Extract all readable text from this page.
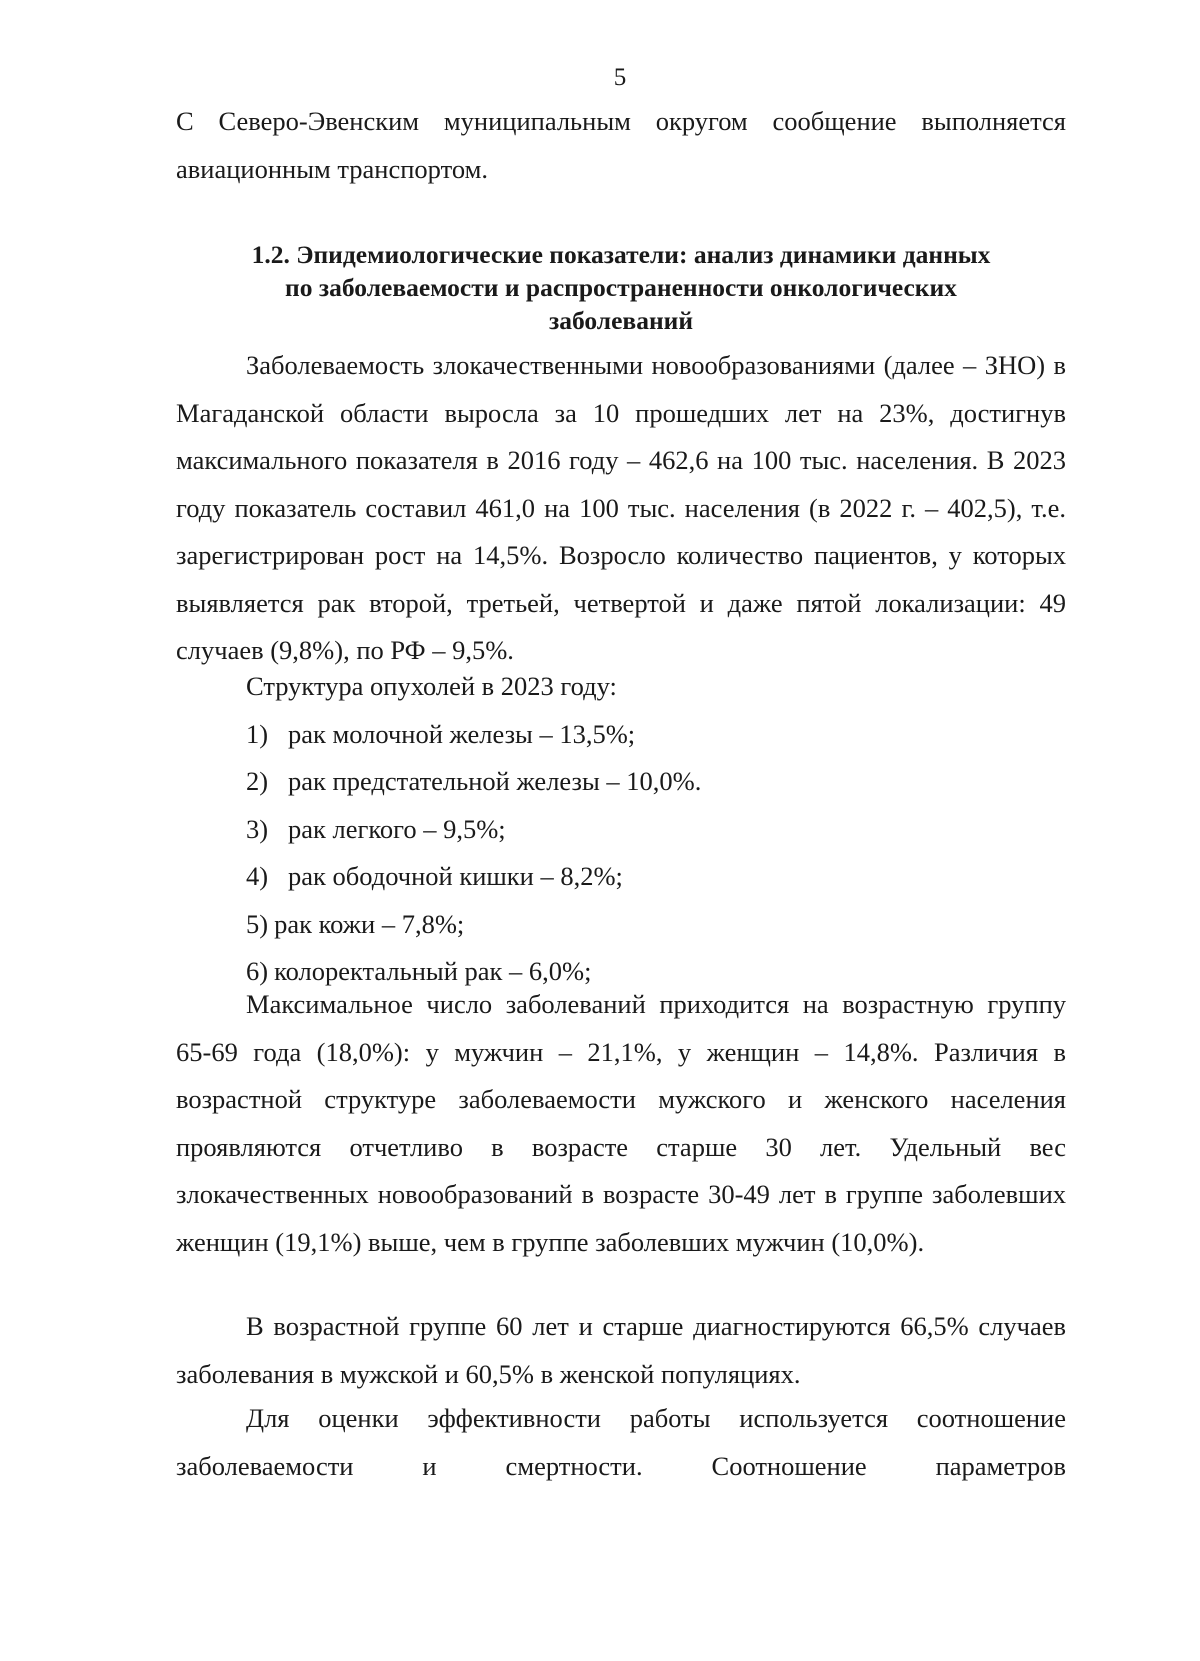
5

С Северо-Эвенским муниципальным округом сообщение выполняется авиационным транспортом.

1.2. Эпидемиологические показатели: анализ динамики данных
по заболеваемости и распространенности онкологических
заболеваний

Заболеваемость злокачественными новообразованиями (далее – ЗНО) в Магаданской области выросла за 10 прошедших лет на 23%, достигнув максимального показателя в 2016 году – 462,6 на 100 тыс. населения. В 2023 году показатель составил 461,0 на 100 тыс. населения (в 2022 г. – 402,5), т.е. зарегистрирован рост на 14,5%. Возросло количество пациентов, у которых выявляется рак второй, третьей, четвертой и даже пятой локализации: 49 случаев (9,8%), по РФ – 9,5%.

Структура опухолей в 2023 году:

1) рак молочной железы – 13,5%;
2) рак предстательной железы – 10,0%.
3) рак легкого – 9,5%;
4) рак ободочной кишки – 8,2%;
5) рак кожи – 7,8%;
6) колоректальный рак – 6,0%;

Максимальное число заболеваний приходится на возрастную группу 65-69 года (18,0%): у мужчин – 21,1%, у женщин – 14,8%. Различия в возрастной структуре заболеваемости мужского и женского населения проявляются отчетливо в возрасте старше 30 лет. Удельный вес злокачественных новообразований в возрасте 30-49 лет в группе заболевших женщин (19,1%) выше, чем в группе заболевших мужчин (10,0%).

В возрастной группе 60 лет и старше диагностируются 66,5% случаев заболевания в мужской и 60,5% в женской популяциях.

Для оценки эффективности работы используется соотношение

заболеваемости и смертности. Соотношение параметров
